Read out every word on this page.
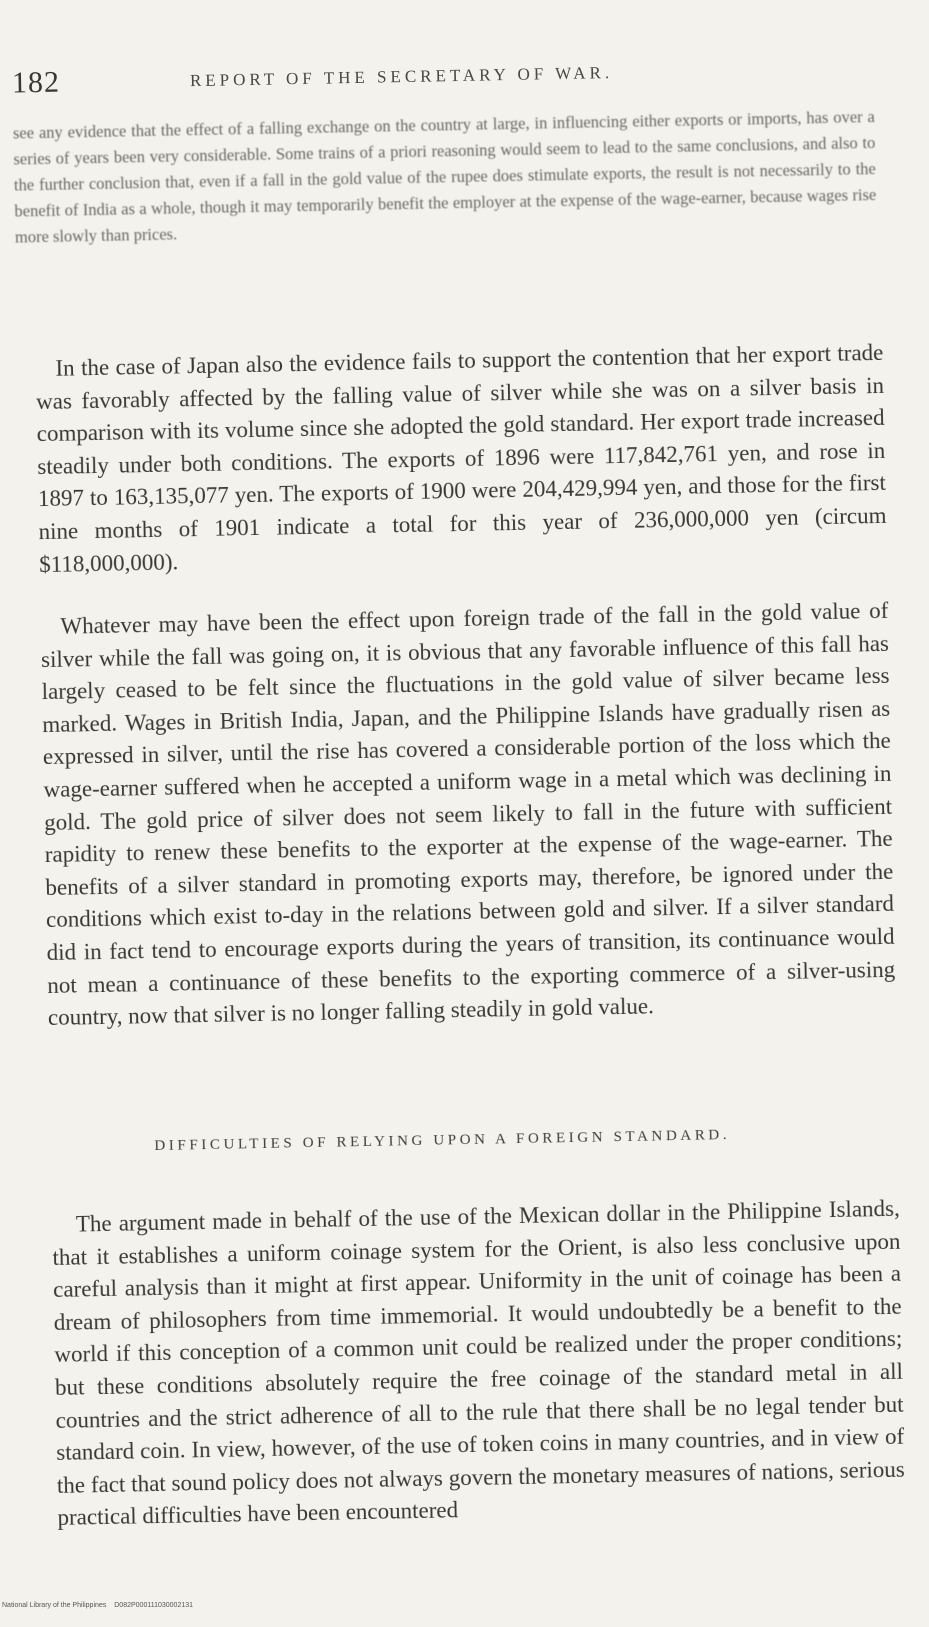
182	REPORT OF THE SECRETARY OF WAR.
see any evidence that the effect of a falling exchange on the country at large, in influencing either exports or imports, has over a series of years been very considerable. Some trains of a priori reasoning would seem to lead to the same conclusions, and also to the further conclusion that, even if a fall in the gold value of the rupee does stimulate exports, the result is not necessarily to the benefit of India as a whole, though it may temporarily benefit the employer at the expense of the wage-earner, because wages rise more slowly than prices.

In the case of Japan also the evidence fails to support the contention that her export trade was favorably affected by the falling value of silver while she was on a silver basis in comparison with its volume since she adopted the gold standard. Her export trade increased steadily under both conditions. The exports of 1896 were 117,842,761 yen, and rose in 1897 to 163,135,077 yen. The exports of 1900 were 204,429,994 yen, and those for the first nine months of 1901 indicate a total for this year of 236,000,000 yen (circum $118,000,000).

Whatever may have been the effect upon foreign trade of the fall in the gold value of silver while the fall was going on, it is obvious that any favorable influence of this fall has largely ceased to be felt since the fluctuations in the gold value of silver became less marked. Wages in British India, Japan, and the Philippine Islands have gradually risen as expressed in silver, until the rise has covered a considerable portion of the loss which the wage-earner suffered when he accepted a uniform wage in a metal which was declining in gold. The gold price of silver does not seem likely to fall in the future with sufficient rapidity to renew these benefits to the exporter at the expense of the wage-earner. The benefits of a silver standard in promoting exports may, therefore, be ignored under the conditions which exist to-day in the relations between gold and silver. If a silver standard did in fact tend to encourage exports during the years of transition, its continuance would not mean a continuance of these benefits to the exporting commerce of a silver-using country, now that silver is no longer falling steadily in gold value.

DIFFICULTIES OF RELYING UPON A FOREIGN STANDARD.

The argument made in behalf of the use of the Mexican dollar in the Philippine Islands, that it establishes a uniform coinage system for the Orient, is also less conclusive upon careful analysis than it might at first appear. Uniformity in the unit of coinage has been a dream of philosophers from time immemorial. It would undoubtedly be a benefit to the world if this conception of a common unit could be realized under the proper conditions; but these conditions absolutely require the free coinage of the standard metal in all countries and the strict adherence of all to the rule that there shall be no legal tender but standard coin. In view, however, of the use of token coins in many countries, and in view of the fact that sound policy does not always govern the monetary measures of nations, serious practical difficulties have been encountered

National Library of the Philippines D082P000111030002131
